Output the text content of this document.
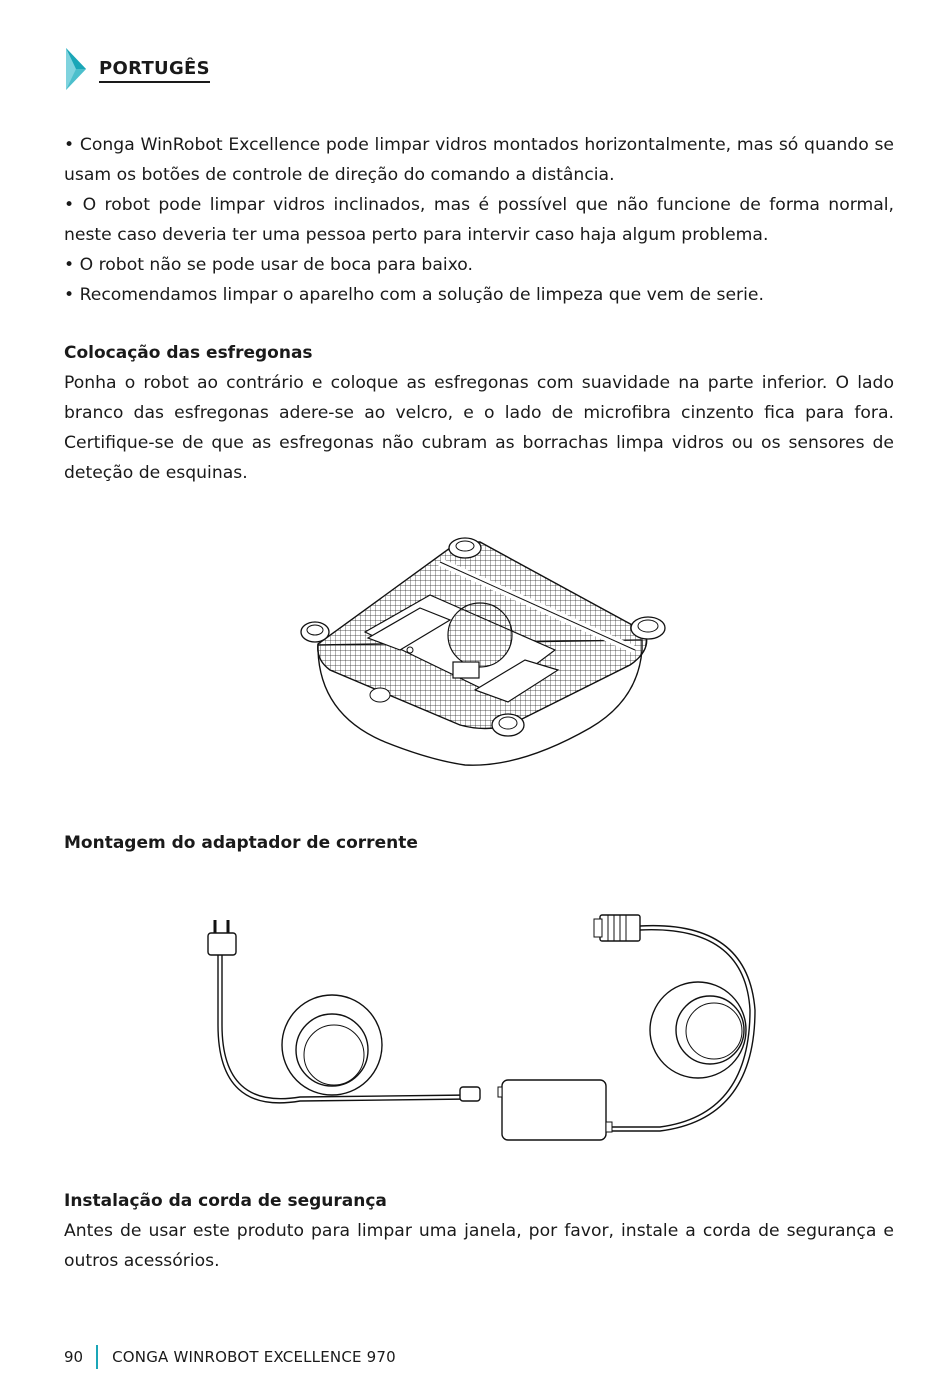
PORTUGÊS
• Conga WinRobot Excellence pode limpar vidros montados horizontalmente, mas só quando se usam os botões de controle de direção do comando a distância.
• O robot pode limpar vidros inclinados, mas é possível que não funcione de forma normal, neste caso deveria ter uma pessoa perto para intervir caso haja algum problema.
• O robot não se pode usar de boca para baixo.
• Recomendamos limpar o aparelho com a solução de limpeza que vem de serie.
Colocação das esfregonas

Ponha o robot ao contrário e coloque as esfregonas com suavidade na parte inferior. O lado branco das esfregonas adere-se ao velcro, e o lado de microfibra cinzento fica para fora. Certifique-se de que as esfregonas não cubram as borrachas limpa vidros ou os sensores de deteção de esquinas.

Montagem do adaptador de corrente
Instalação da corda de segurança

Antes de usar este produto para limpar uma janela, por favor, instale a corda de segurança e outros acessórios.

90 CONGA WINROBOT EXCELLENCE 970
